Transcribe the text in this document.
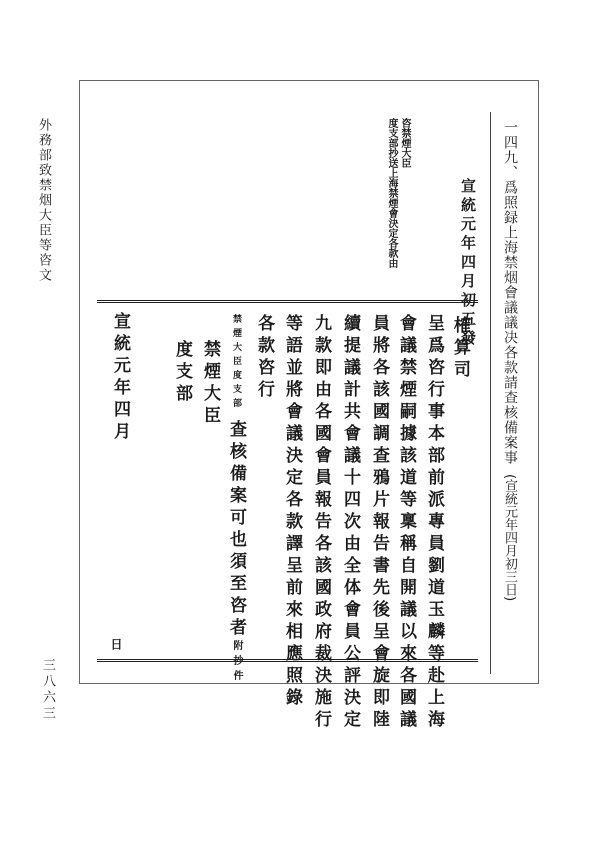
外務部致禁烟大臣等咨文
三八六三
一四九、爲照録上海禁烟會議議决各款請查核備案事
(宣統元年四月初三日)
宣統元年四月初五發
咨禁煙大臣
度支部抄送上海禁煙會決定各款由
榷算司
呈爲咨行事本部前派專員劉道玉麟等赴上海
會議禁煙嗣據該道等稟稱自開議以來各國議
員將各該國調查鴉片報告書先後呈會旋即陸
續提議計共會議十四次由全体會員公評決定
九款即由各國會員報告各該國政府裁決施行
等語並將會議決定各款譯呈前來相應照錄
各款咨行
禁煙大臣度支部 查核備案可也須至咨者附抄件
禁煙大臣
度支部
宣統元年四月
日
